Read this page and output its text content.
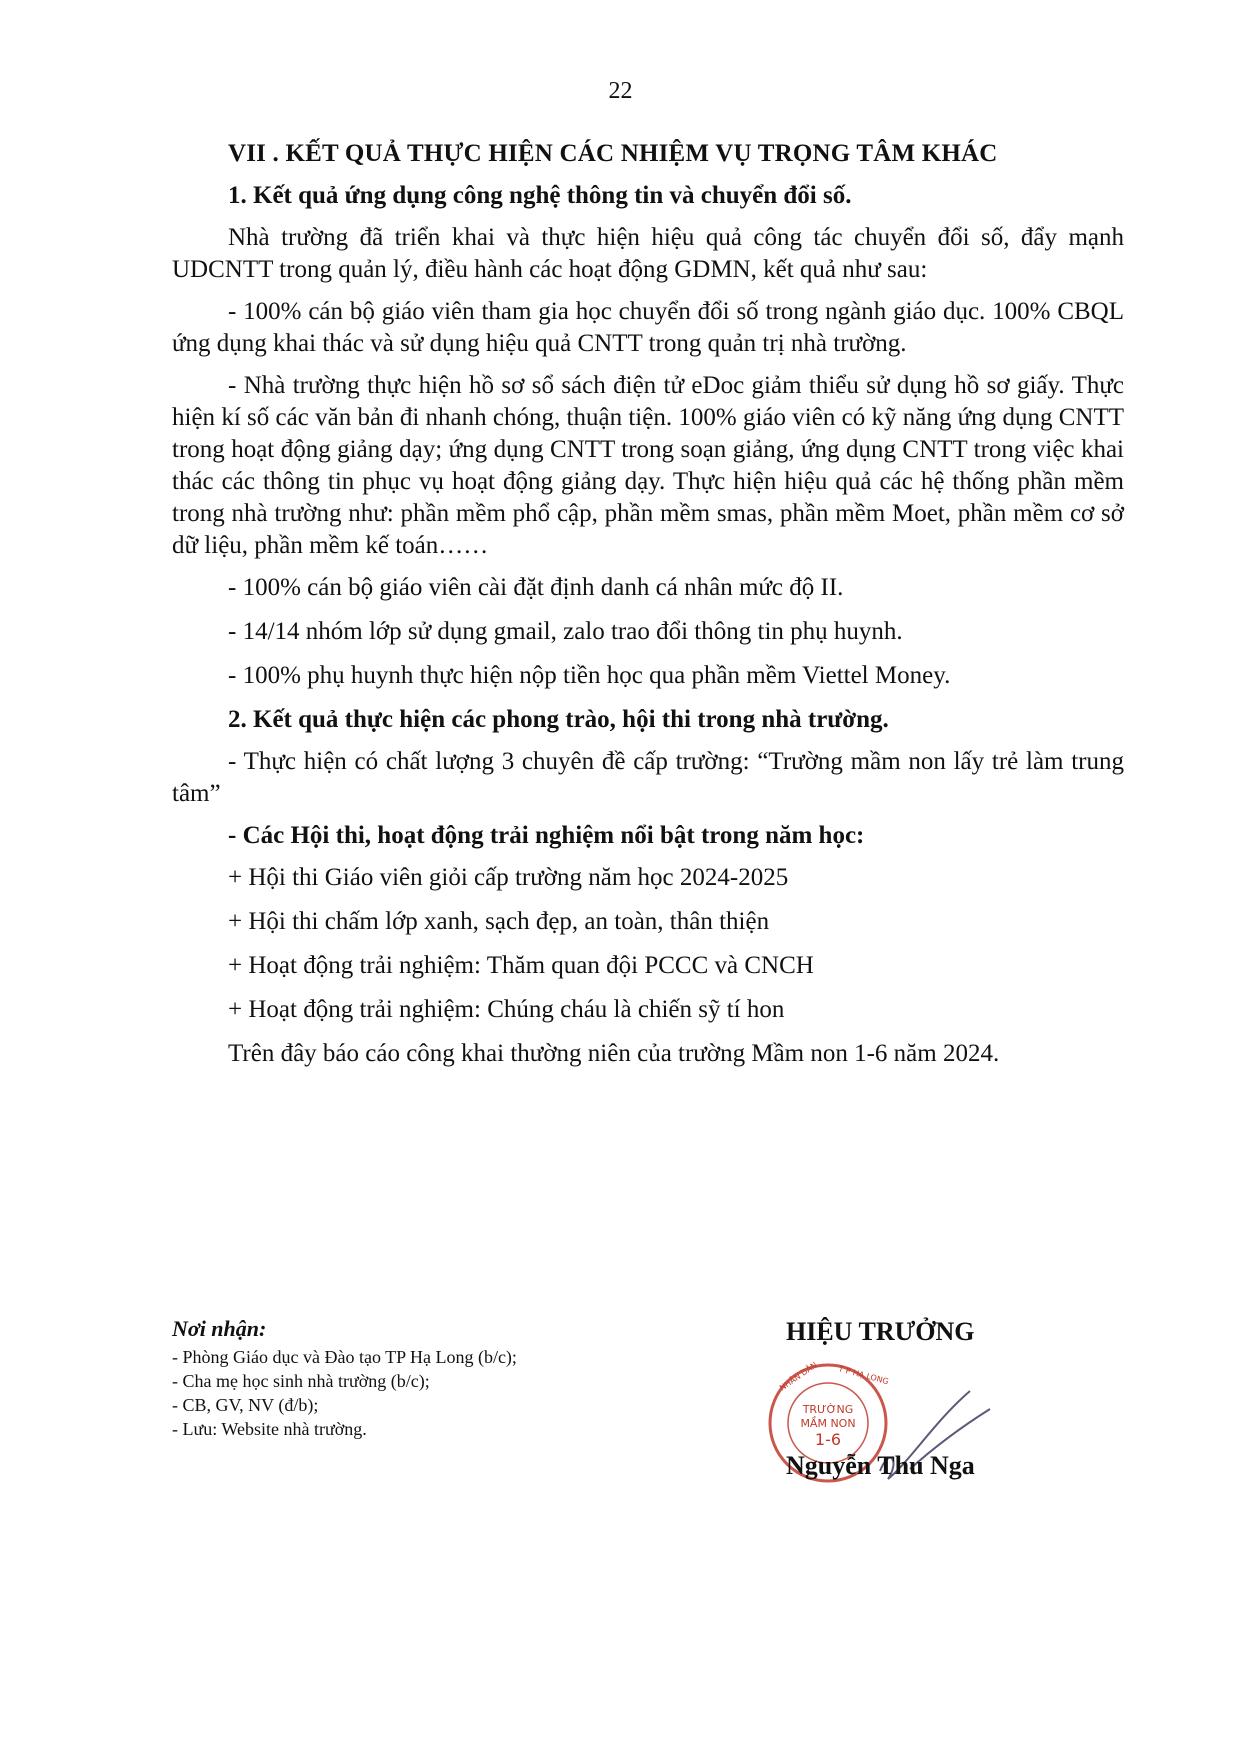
22
VII . KẾT QUẢ THỰC HIỆN CÁC NHIỆM VỤ TRỌNG TÂM KHÁC
1. Kết quả ứng dụng công nghệ thông tin và chuyển đổi số.

Nhà trường đã triển khai và thực hiện hiệu quả công tác chuyển đổi số, đẩy mạnh UDCNTT trong quản lý, điều hành các hoạt động GDMN, kết quả như sau:

- 100% cán bộ giáo viên tham gia học chuyển đổi số trong ngành giáo dục. 100% CBQL ứng dụng khai thác và sử dụng hiệu quả CNTT trong quản trị nhà trường.

- Nhà trường thực hiện hồ sơ sổ sách điện tử eDoc giảm thiểu sử dụng hồ sơ giấy. Thực hiện kí số các văn bản đi nhanh chóng, thuận tiện. 100% giáo viên có kỹ năng ứng dụng CNTT trong hoạt động giảng dạy; ứng dụng CNTT trong soạn giảng, ứng dụng CNTT trong việc khai thác các thông tin phục vụ hoạt động giảng dạy. Thực hiện hiệu quả các hệ thống phần mềm trong nhà trường như: phần mềm phổ cập, phần mềm smas, phần mềm Moet, phần mềm cơ sở dữ liệu, phần mềm kế toán……

- 100% cán bộ giáo viên cài đặt định danh cá nhân mức độ II.

- 14/14 nhóm lớp sử dụng gmail, zalo trao đổi thông tin phụ huynh.

- 100% phụ huynh thực hiện nộp tiền học qua phần mềm Viettel Money.

2. Kết quả thực hiện các phong trào, hội thi trong nhà trường.

- Thực hiện có chất lượng 3 chuyên đề cấp trường: “Trường mầm non lấy trẻ làm trung tâm”

- Các Hội thi, hoạt động trải nghiệm nổi bật trong năm học:
+ Hội thi Giáo viên giỏi cấp trường năm học 2024-2025
+ Hội thi chấm lớp xanh, sạch đẹp, an toàn, thân thiện
+ Hoạt động trải nghiệm: Thăm quan đội PCCC và CNCH
+ Hoạt động trải nghiệm: Chúng cháu là chiến sỹ tí hon

Trên đây báo cáo công khai thường niên của trường Mầm non 1-6 năm 2024.

Nơi nhận:
- Phòng Giáo dục và Đào tạo TP Hạ Long (b/c);
- Cha mẹ học sinh nhà trường (b/c);
- CB, GV, NV (đ/b);
- Lưu: Website nhà trường.
HIỆU TRƯỞNG
TRƯỜNG
MẦM NON
1-6
NHÂN DÂN T P HẠ LONG
Nguyễn Thu Nga
